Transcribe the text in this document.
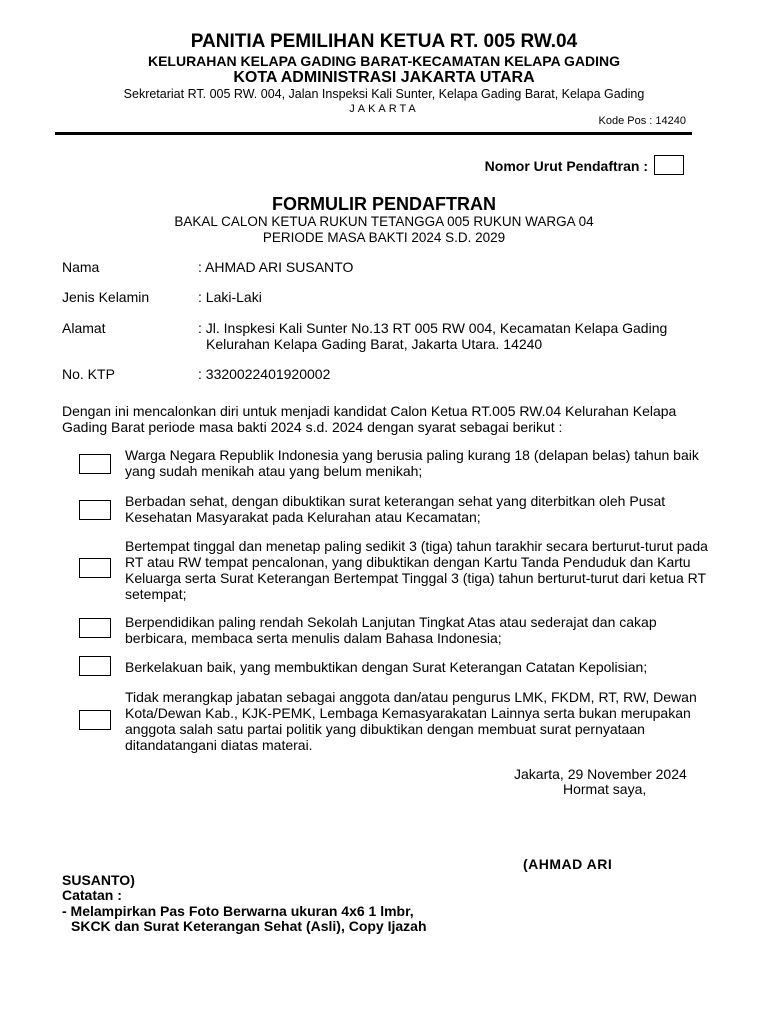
PANITIA PEMILIHAN KETUA RT. 005 RW.04
KELURAHAN KELAPA GADING BARAT-KECAMATAN KELAPA GADING
KOTA ADMINISTRASI JAKARTA UTARA
Sekretariat RT. 005 RW. 004, Jalan Inspeksi Kali Sunter, Kelapa Gading Barat, Kelapa Gading
JAKARTA
Kode Pos : 14240
Nomor Urut Pendaftran :
FORMULIR PENDAFTRAN
BAKAL CALON KETUA RUKUN TETANGGA 005 RUKUN WARGA 04
PERIODE MASA BAKTI 2024 S.D. 2029
Nama	: AHMAD ARI SUSANTO
Jenis Kelamin	: Laki-Laki
Alamat	: Jl. Inspkesi Kali Sunter No.13 RT 005 RW 004, Kecamatan Kelapa Gading
Kelurahan Kelapa Gading Barat, Jakarta Utara. 14240
No. KTP	: 3320022401920002
Dengan ini mencalonkan diri untuk menjadi kandidat Calon Ketua RT.005 RW.04 Kelurahan Kelapa Gading Barat periode masa bakti 2024 s.d. 2024 dengan syarat sebagai berikut :
Warga Negara Republik Indonesia yang berusia paling kurang 18 (delapan belas) tahun baik yang sudah menikah atau yang belum menikah;
Berbadan sehat, dengan dibuktikan surat keterangan sehat yang diterbitkan oleh Pusat Kesehatan Masyarakat pada Kelurahan atau Kecamatan;
Bertempat tinggal dan menetap paling sedikit 3 (tiga) tahun tarakhir secara berturut-turut pada RT atau RW tempat pencalonan, yang dibuktikan dengan Kartu Tanda Penduduk dan Kartu Keluarga serta Surat Keterangan Bertempat Tinggal 3 (tiga) tahun berturut-turut dari ketua RT setempat;
Berpendidikan paling rendah Sekolah Lanjutan Tingkat Atas atau sederajat dan cakap berbicara, membaca serta menulis dalam Bahasa Indonesia;
Berkelakuan baik, yang membuktikan dengan Surat Keterangan Catatan Kepolisian;
Tidak merangkap jabatan sebagai anggota dan/atau pengurus LMK, FKDM, RT, RW, Dewan Kota/Dewan Kab., KJK-PEMK, Lembaga Kemasyarakatan Lainnya serta bukan merupakan anggota salah satu partai politik yang dibuktikan dengan membuat surat pernyataan ditandatangani diatas materai.
Jakarta, 29 November 2024
Hormat saya,
(AHMAD ARI
SUSANTO)
Catatan :
- Melampirkan Pas Foto Berwarna ukuran 4x6 1 lmbr,
SKCK dan Surat Keterangan Sehat (Asli), Copy Ijazah
